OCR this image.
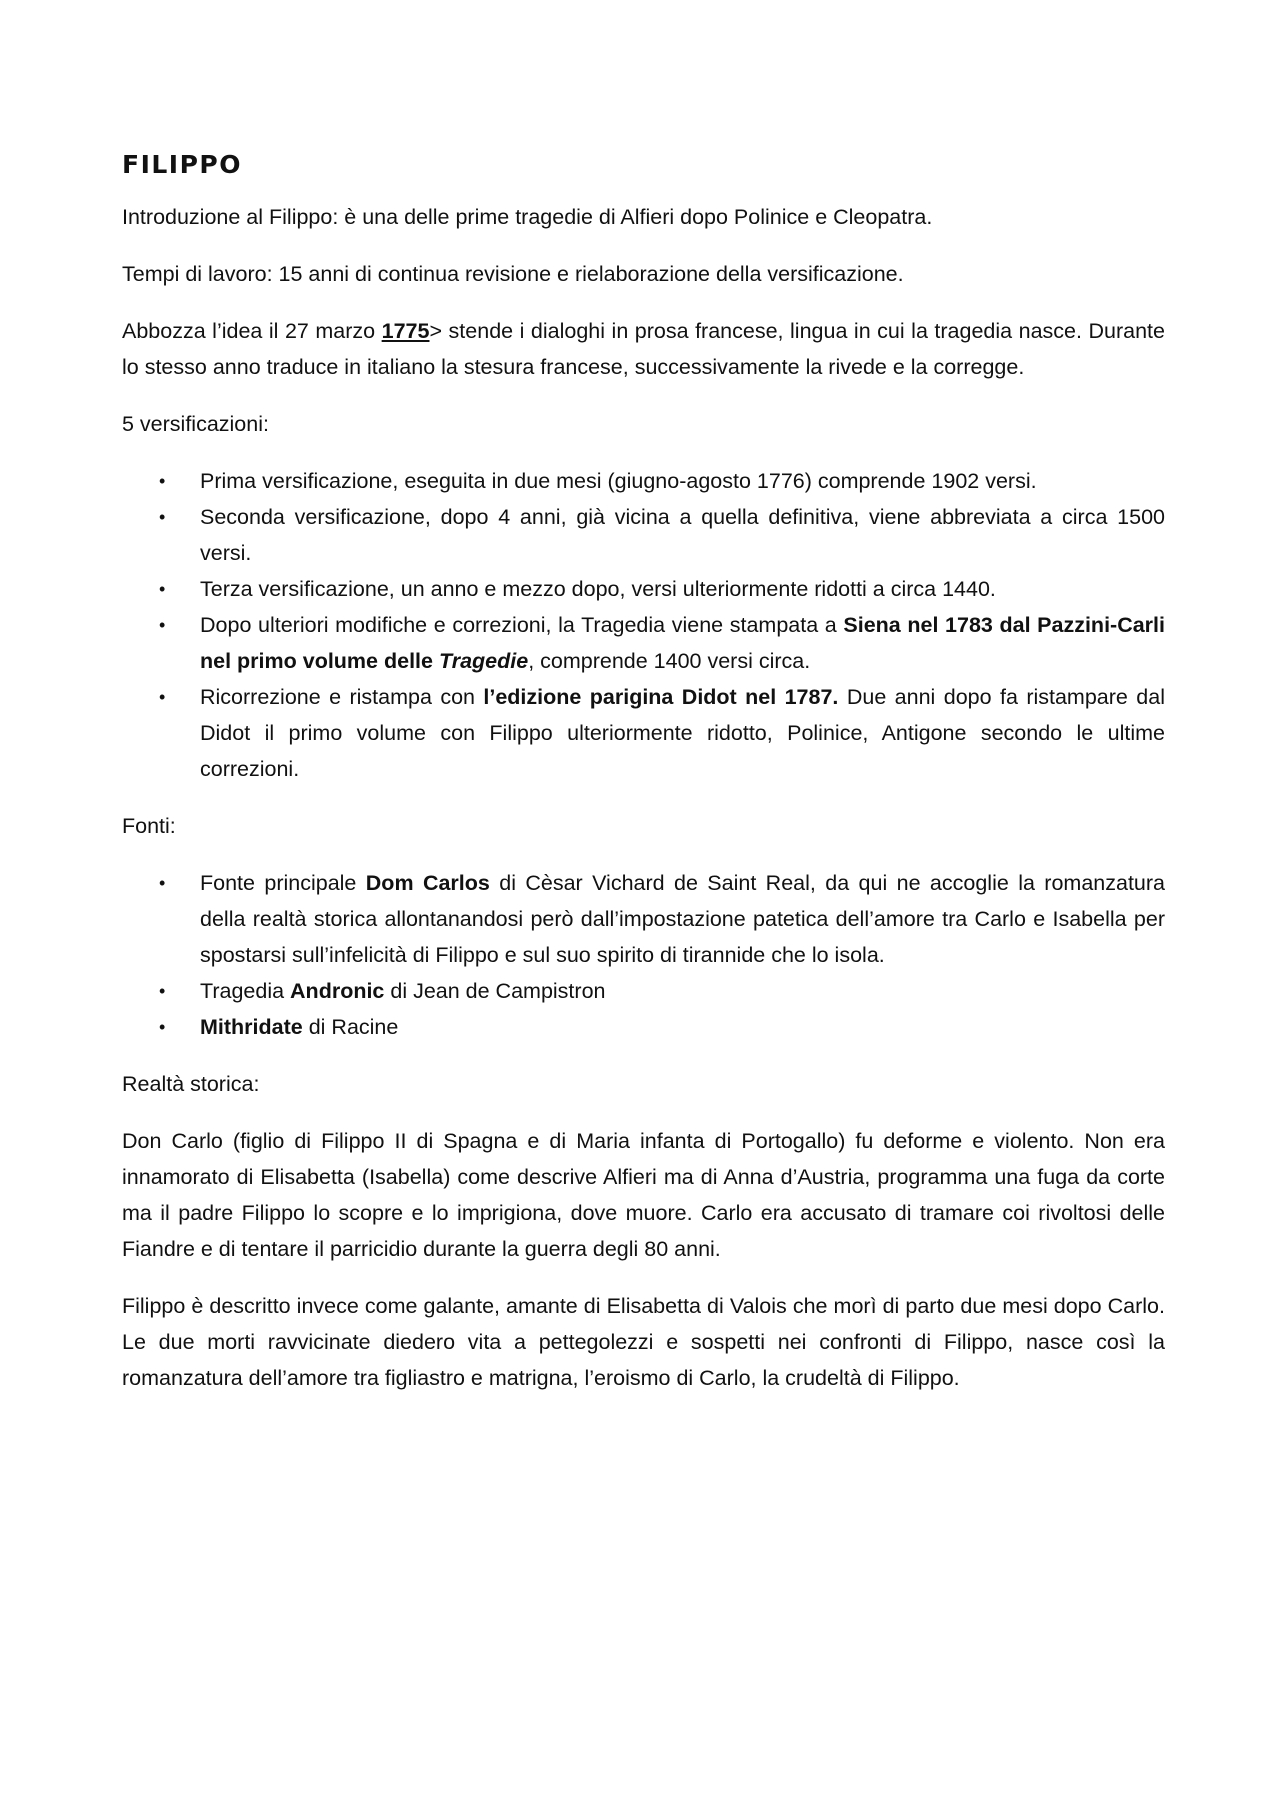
FILIPPO

Introduzione al Filippo: è una delle prime tragedie di Alfieri dopo Polinice e Cleopatra.

Tempi di lavoro: 15 anni di continua revisione e rielaborazione della versificazione.

Abbozza l’idea il 27 marzo 1775> stende i dialoghi in prosa francese, lingua in cui la tragedia nasce. Durante lo stesso anno traduce in italiano la stesura francese, successivamente la rivede e la corregge.

5 versificazioni:

• Prima versificazione, eseguita in due mesi (giugno-agosto 1776) comprende 1902 versi.
• Seconda versificazione, dopo 4 anni, già vicina a quella definitiva, viene abbreviata a circa 1500 versi.
• Terza versificazione, un anno e mezzo dopo, versi ulteriormente ridotti a circa 1440.
• Dopo ulteriori modifiche e correzioni, la Tragedia viene stampata a Siena nel 1783 dal Pazzini-Carli nel primo volume delle Tragedie, comprende 1400 versi circa.
• Ricorrezione e ristampa con l’edizione parigina Didot nel 1787. Due anni dopo fa ristampare dal Didot il primo volume con Filippo ulteriormente ridotto, Polinice, Antigone secondo le ultime correzioni.

Fonti:

• Fonte principale Dom Carlos di Cèsar Vichard de Saint Real, da qui ne accoglie la romanzatura della realtà storica allontanandosi però dall’impostazione patetica dell’amore tra Carlo e Isabella per spostarsi sull’infelicità di Filippo e sul suo spirito di tirannide che lo isola.
• Tragedia Andronic di Jean de Campistron
• Mithridate di Racine

Realtà storica:

Don Carlo (figlio di Filippo II di Spagna e di Maria infanta di Portogallo) fu deforme e violento. Non era innamorato di Elisabetta (Isabella) come descrive Alfieri ma di Anna d’Austria, programma una fuga da corte ma il padre Filippo lo scopre e lo imprigiona, dove muore. Carlo era accusato di tramare coi rivoltosi delle Fiandre e di tentare il parricidio durante la guerra degli 80 anni.

Filippo è descritto invece come galante, amante di Elisabetta di Valois che morì di parto due mesi dopo Carlo. Le due morti ravvicinate diedero vita a pettegolezzi e sospetti nei confronti di Filippo, nasce così la romanzatura dell’amore tra figliastro e matrigna, l’eroismo di Carlo, la crudeltà di Filippo.
